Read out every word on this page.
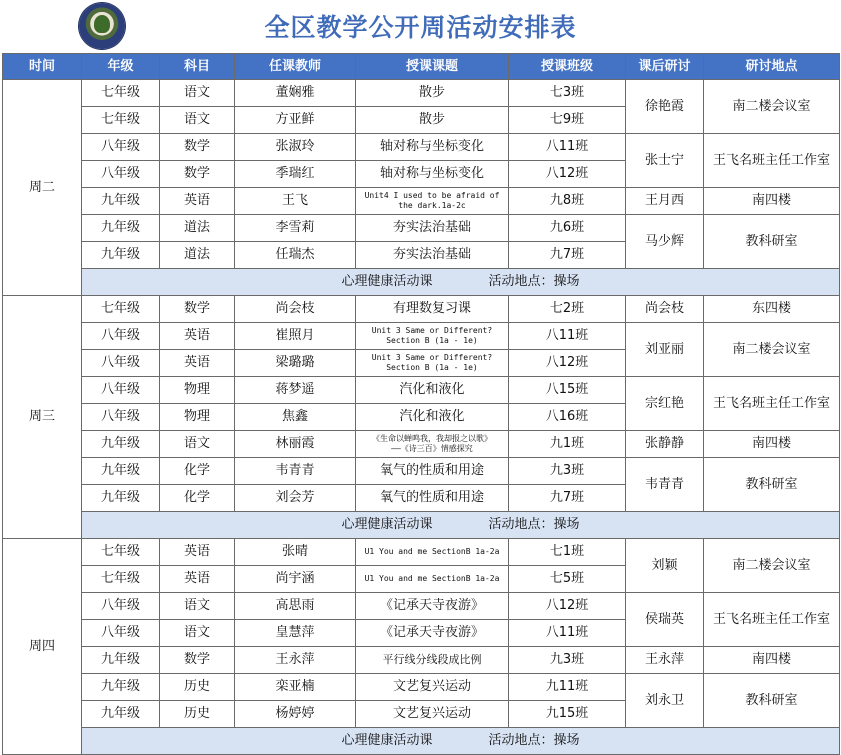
全区教学公开周活动安排表
时间	年级	科目	任课教师	授课课题	授课班级	课后研讨	研讨地点
周二	七年级	语文	董娴雅	散步	七3班	徐艳霞	南二楼会议室
	七年级	语文	方亚鲜	散步	七9班		
	八年级	数学	张淑玲	轴对称与坐标变化	八11班	张士宁	王飞名班主任工作室
	八年级	数学	季瑞红	轴对称与坐标变化	八12班		
	九年级	英语	王飞	Unit4 I used to be afraid of the dark.1a-2c	九8班	王月西	南四楼
	九年级	道法	李雪莉	夯实法治基础	九6班	马少辉	教科研室
	九年级	道法	任瑞杰	夯实法治基础	九7班		
	心理健康活动课 活动地点：操场						
周三	七年级	数学	尚会枝	有理数复习课	七2班	尚会枝	东四楼
	八年级	英语	崔照月	Unit 3 Same or Different?
Section B (1a - 1e)	八11班	刘亚丽	南二楼会议室
	八年级	英语	梁璐璐	Unit 3 Same or Different?
Section B (1a - 1e)	八12班		
	八年级	物理	蒋梦遥	汽化和液化	八15班	宗红艳	王飞名班主任工作室
	八年级	物理	焦鑫	汽化和液化	八16班		
	九年级	语文	林丽霞	《生命以蝉鸣我，我却报之以歌》
——《诗三百》情感探究	九1班	张静静	南四楼
	九年级	化学	韦青青	氧气的性质和用途	九3班	韦青青	教科研室
	九年级	化学	刘会芳	氧气的性质和用途	九7班		
	心理健康活动课 活动地点：操场						
周四	七年级	英语	张晴	U1 You and me SectionB 1a-2a	七1班	刘颖	南二楼会议室
	七年级	英语	尚宇涵	U1 You and me SectionB 1a-2a	七5班		
	八年级	语文	高思雨	《记承天寺夜游》	八12班	侯瑞英	王飞名班主任工作室
	八年级	语文	皇慧萍	《记承天寺夜游》	八11班		
	九年级	数学	王永萍	平行线分线段成比例	九3班	王永萍	南四楼
	九年级	历史	栾亚楠	文艺复兴运动	九11班	刘永卫	教科研室
	九年级	历史	杨婷婷	文艺复兴运动	九15班		
	心理健康活动课 活动地点：操场						
